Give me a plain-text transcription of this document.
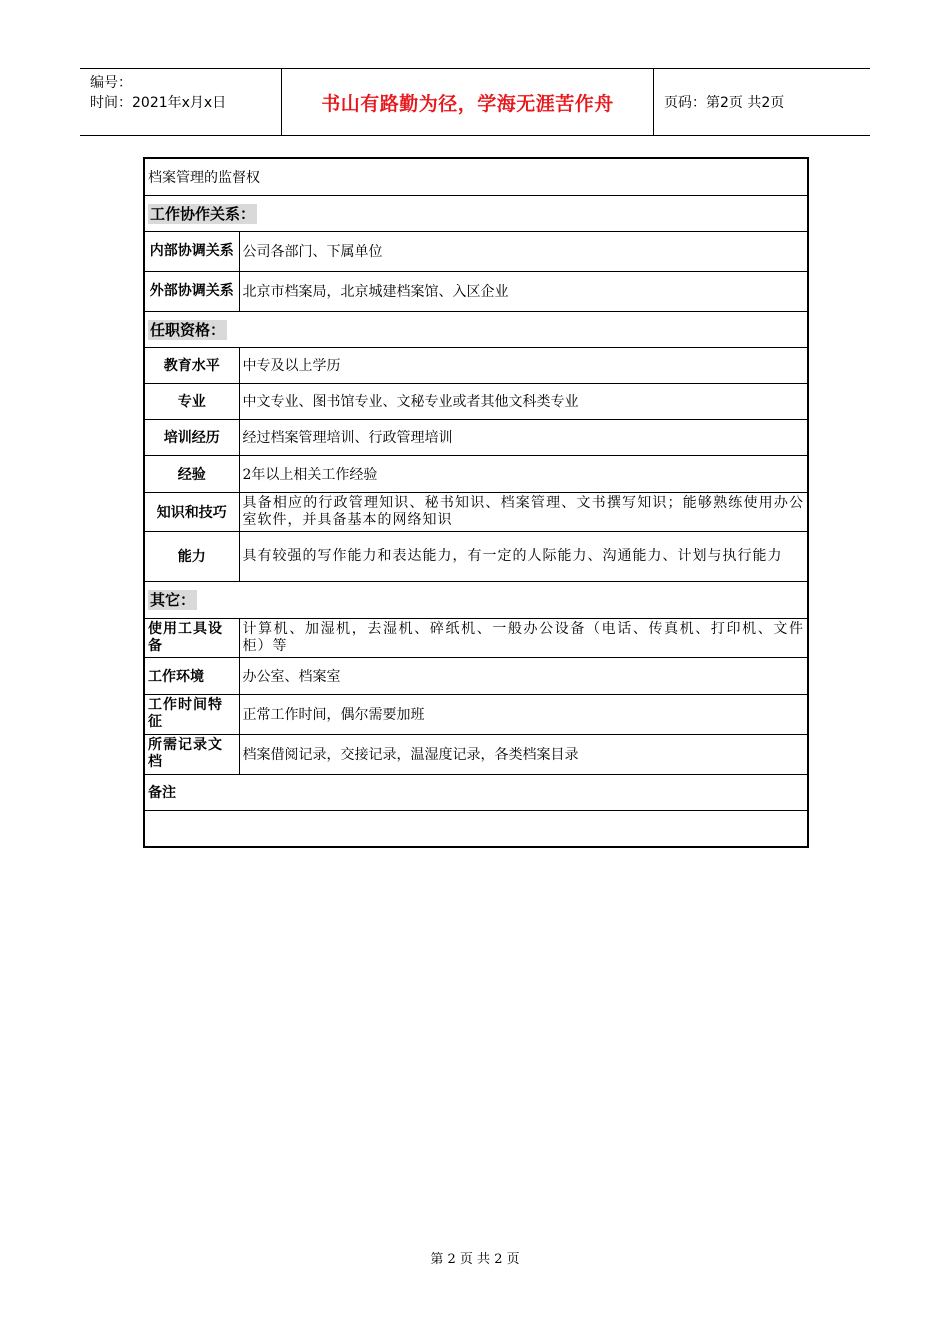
编号：
时间：2021年x月x日	书山有路勤为径，学海无涯苦作舟	页码：第2页 共2页
档案管理的监督权	
工作协作关系：	
内部协调关系	公司各部门、下属单位
外部协调关系	北京市档案局，北京城建档案馆、入区企业
任职资格：	
教育水平	中专及以上学历
专业	中文专业、图书馆专业、文秘专业或者其他文科类专业
培训经历	经过档案管理培训、行政管理培训
经验	2年以上相关工作经验
知识和技巧	具备相应的行政管理知识、秘书知识、档案管理、文书撰写知识；能够熟练使用办公室软件，并具备基本的网络知识
能力	具有较强的写作能力和表达能力，有一定的人际能力、沟通能力、计划与执行能力
其它：	
使用工具设备	计算机、加湿机，去湿机、碎纸机、一般办公设备（电话、传真机、打印机、文件柜）等
工作环境	办公室、档案室
工作时间特征	正常工作时间，偶尔需要加班
所需记录文档	档案借阅记录，交接记录，温湿度记录，各类档案目录
备注	

第 2 页 共 2 页
